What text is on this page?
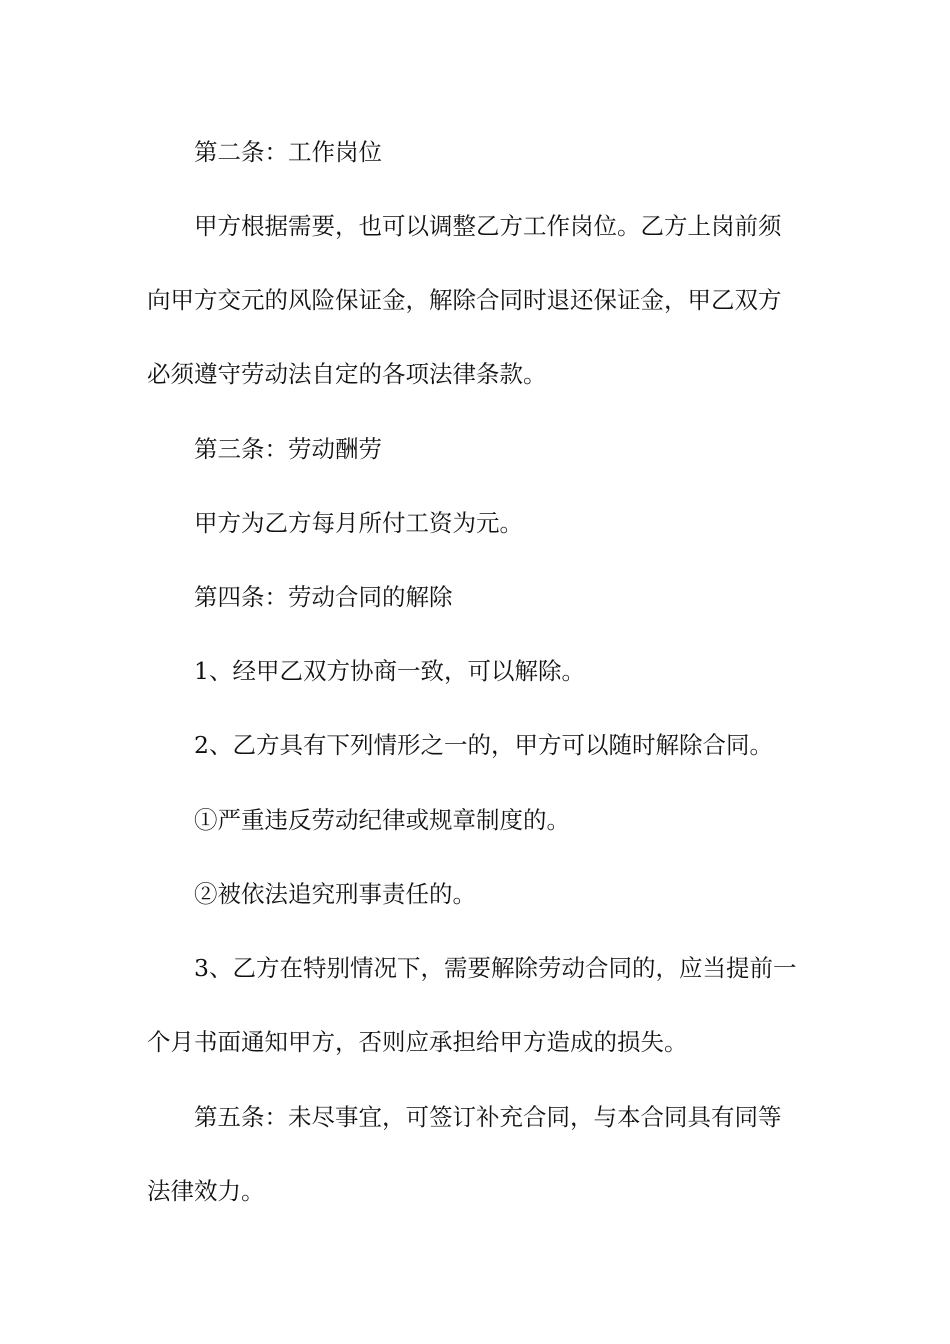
第二条：工作岗位
甲方根据需要，也可以调整乙方工作岗位。乙方上岗前须
向甲方交元的风险保证金，解除合同时退还保证金，甲乙双方
必须遵守劳动法自定的各项法律条款。
第三条：劳动酬劳
甲方为乙方每月所付工资为元。
第四条：劳动合同的解除
1、经甲乙双方协商一致，可以解除。
2、乙方具有下列情形之一的，甲方可以随时解除合同。
①严重违反劳动纪律或规章制度的。
②被依法追究刑事责任的。
3、乙方在特别情况下，需要解除劳动合同的，应当提前一
个月书面通知甲方，否则应承担给甲方造成的损失。
第五条：未尽事宜，可签订补充合同，与本合同具有同等
法律效力。
